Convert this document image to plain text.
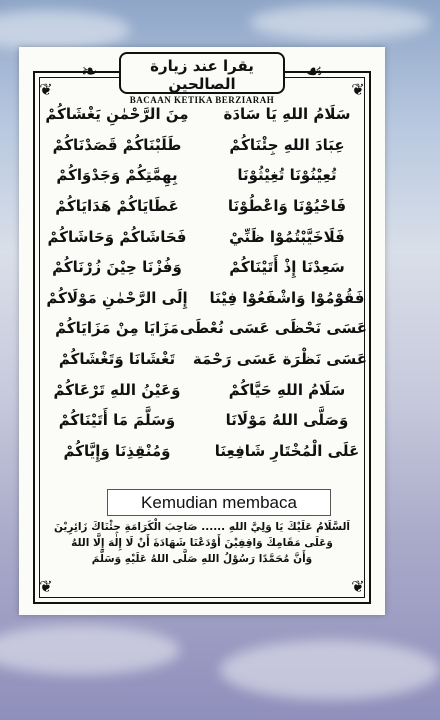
❦	❦
❦	❦
❧	☙
يقرا عند زيارة الصالحين
BACAAN KETIKA BERZIARAH
سَلَامُ اللهِ يَا سَادَة
مِنَ الرَّحْمٰنِ يَغْشَاكُمْ
عِبَادَ اللهِ جِئْنَاكُمْ
طَلَبْنَاكُمْ قَصَدْنَاكُمْ
تُعِيْنُوْنَا تُغِيْثُوْنَا
بِهِمَّتِكُمْ وَجَدْوَاكُمْ
فَاحْيُوْنَا وَاعْطُوْنَا
عَطَايَاكُمْ هَدَايَاكُمْ
فَلَاخَيَّبْتُمُوْا ظَنِّيْ
فَحَاشَاكُمْ وَحَاشَاكُمْ
سَعِدْنَا إِذْ أَتَيْنَاكُمْ
وَفُزْنَا حِيْنَ زُرْنَاكُمْ
فَقُوْمُوْا وَاشْفَعُوْا فِيْنَا
إِلَى الرَّحْمٰنِ مَوْلَاكُمْ
عَسَى نَحْظَى عَسَى نُعْطَى
مَزَايَا مِنْ مَزَايَاكُمْ
عَسَى نَظْرَة عَسَى رَحْمَة
تَغْشَانَا وَتَغْشَاكُمْ
سَلَامُ اللهِ حَيَّاكُمْ
وَعَيْنُ اللهِ تَرْعَاكُمْ
وَصَلَّى اللهُ مَوْلَانَا
وَسَلَّمَ مَا أَتَيْنَاكُمْ
عَلَى الْمُخْتَارِ شَافِعِنَا
وَمُنْقِذِنَا وَإِيَّاكُمْ
Kemudian membaca
اَلسَّلَامُ عَلَيْكَ يَا وَلِيَّ اللهِ ...... صَاحِبَ الْكَرَامَةِ جِئْنَاكَ زَائِرِيْنَ
وَعَلَى مَقَامِكَ وَاقِفِيْنَ أَوْدَعْنَا شَهَادَةَ أَنْ لَا إِلٰهَ إِلَّا اللهُ
وَأَنَّ مُحَمَّدًا رَسُوْلُ اللهِ صَلَّى اللهُ عَلَيْهِ وَسَلَّمَ
